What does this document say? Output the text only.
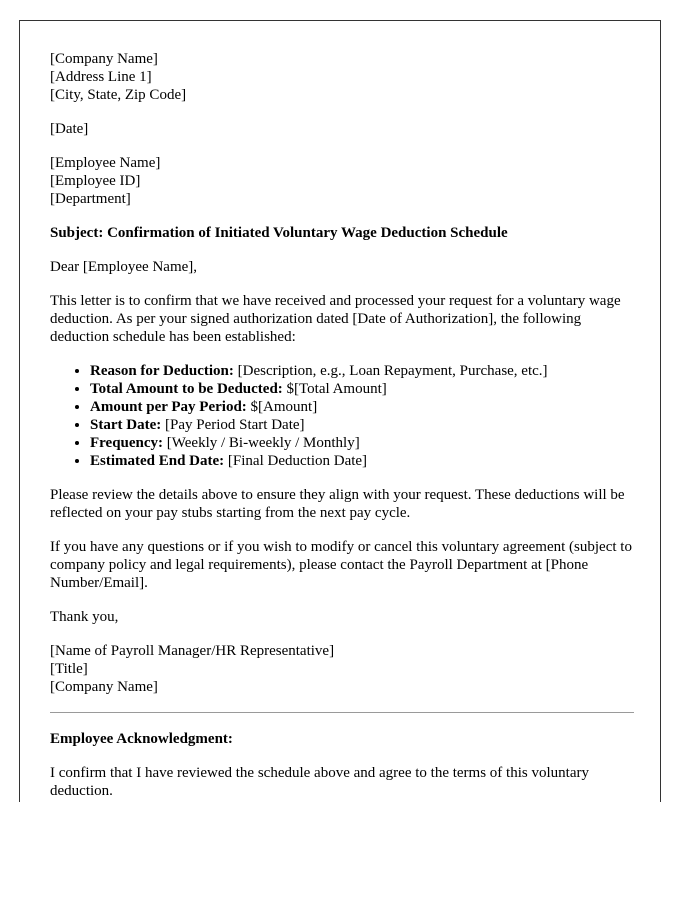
[Company Name]
[Address Line 1]
[City, State, Zip Code]
[Date]
[Employee Name]
[Employee ID]
[Department]
Subject: Confirmation of Initiated Voluntary Wage Deduction Schedule

Dear [Employee Name],

This letter is to confirm that we have received and processed your request for a voluntary wage deduction. As per your signed authorization dated [Date of Authorization], the following deduction schedule has been established:

• Reason for Deduction: [Description, e.g., Loan Repayment, Purchase, etc.]
• Total Amount to be Deducted: $[Total Amount]
• Amount per Pay Period: $[Amount]
• Start Date: [Pay Period Start Date]
• Frequency: [Weekly / Bi-weekly / Monthly]
• Estimated End Date: [Final Deduction Date]

Please review the details above to ensure they align with your request. These deductions will be reflected on your pay stubs starting from the next pay cycle.

If you have any questions or if you wish to modify or cancel this voluntary agreement (subject to company policy and legal requirements), please contact the Payroll Department at [Phone Number/Email].

Thank you,

[Name of Payroll Manager/HR Representative]
[Title]
[Company Name]
Employee Acknowledgment:

I confirm that I have reviewed the schedule above and agree to the terms of this voluntary deduction.
